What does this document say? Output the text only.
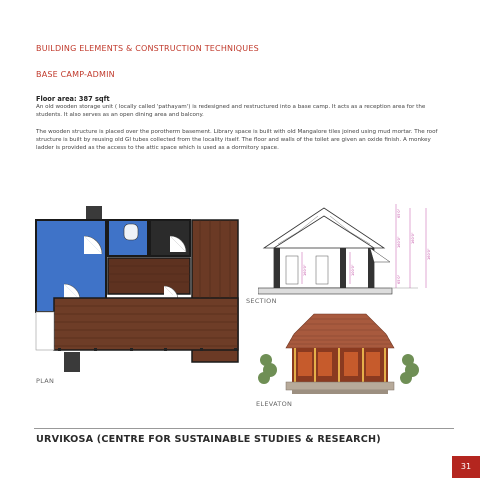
BUILDING ELEMENTS & CONSTRUCTION TECHNIQUES
BASE CAMP-ADMIN
Floor area: 387 sqft
An old wooden storage unit ( locally called 'pathayam') is redesigned and restructured into a base camp. It acts as a reception area for the students. It also serves as an open dining area and balcony.
The wooden structure is placed over the porotherm basement. Library space is built with old Mangalore tiles joined using mud mortar. The roof structure is built by reusing old GI tubes collected from the locality itself. The floor and walls of the toilet are given an oxide finish. A monkey ladder is provided as the access to the attic space which is used as a dormitory space.
PLAN
65'0"
160'0"
65'0"
160'0"
160'0"	100'0"
160'0"
SECTION
ELEVATON
URVIKOSA (CENTRE FOR SUSTAINABLE STUDIES & RESEARCH)
31
